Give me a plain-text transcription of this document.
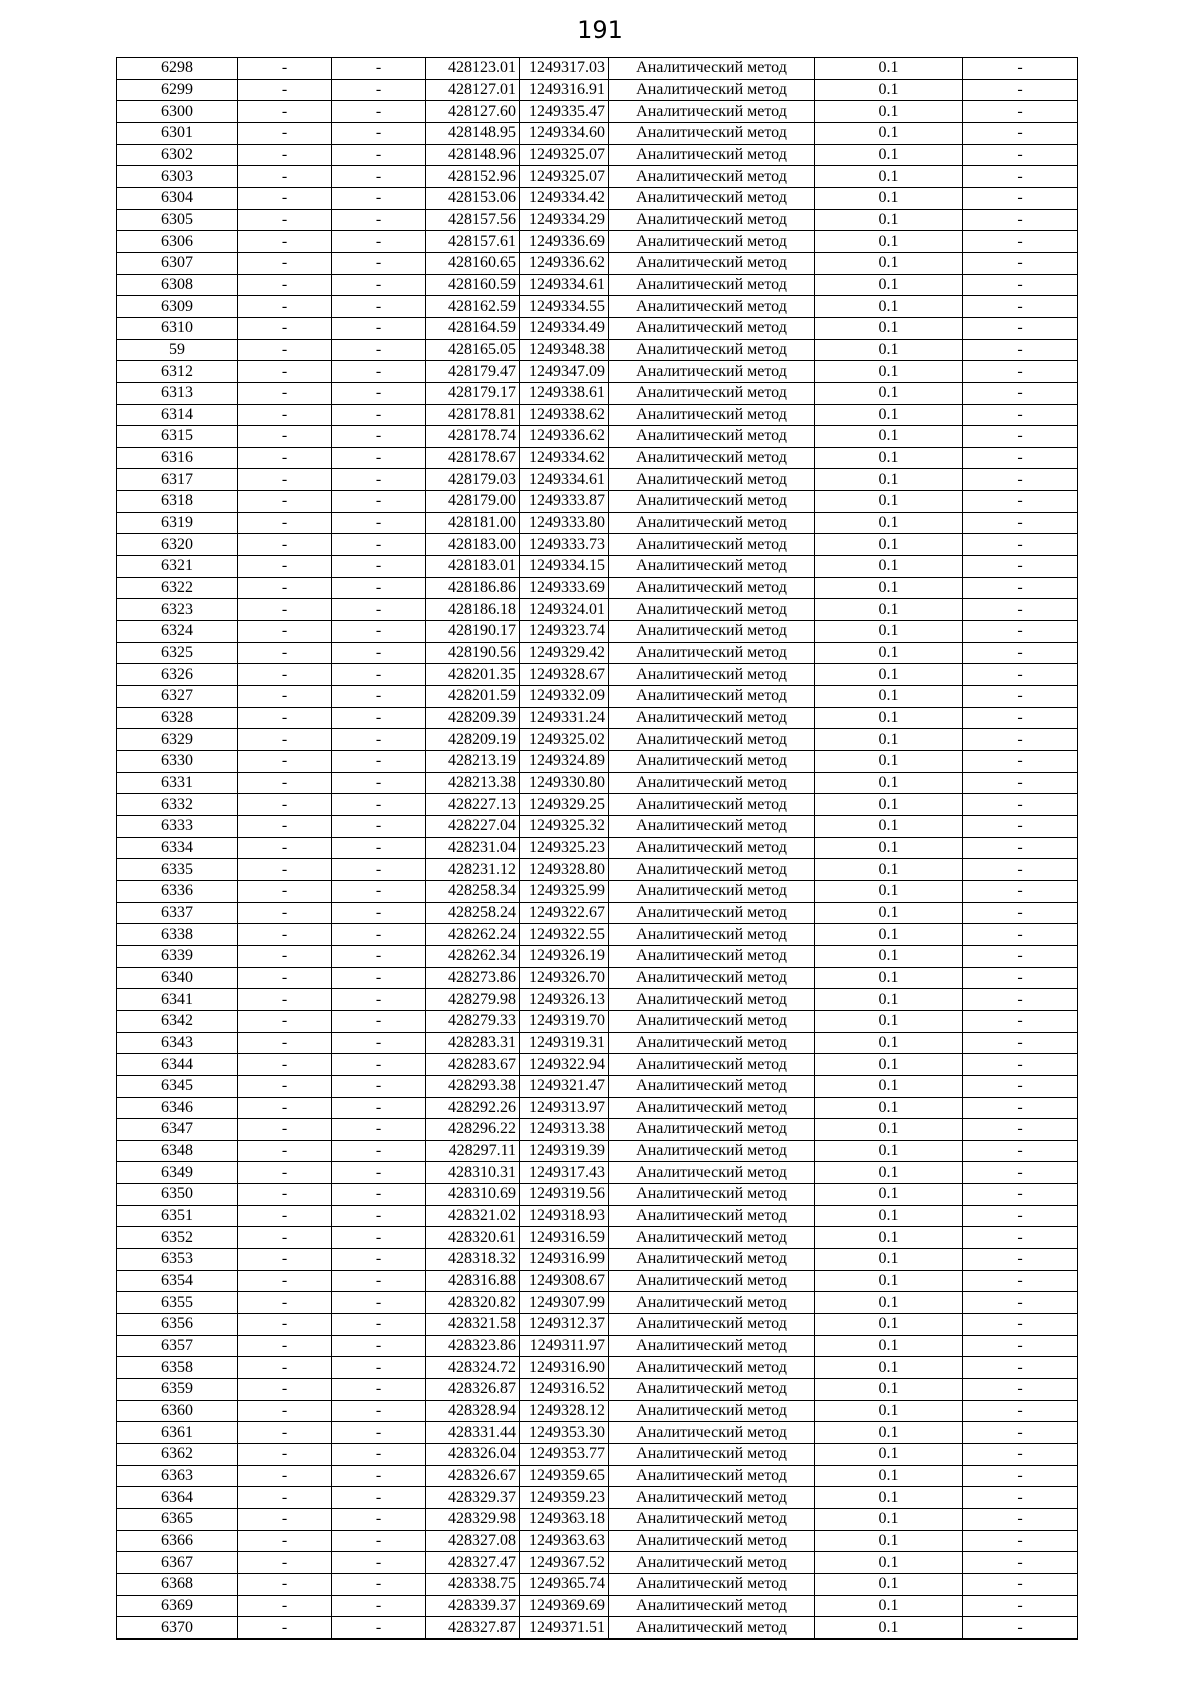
191
6298	-	-	428123.01	1249317.03	Аналитический метод	0.1	-
6299	-	-	428127.01	1249316.91	Аналитический метод	0.1	-
6300	-	-	428127.60	1249335.47	Аналитический метод	0.1	-
6301	-	-	428148.95	1249334.60	Аналитический метод	0.1	-
6302	-	-	428148.96	1249325.07	Аналитический метод	0.1	-
6303	-	-	428152.96	1249325.07	Аналитический метод	0.1	-
6304	-	-	428153.06	1249334.42	Аналитический метод	0.1	-
6305	-	-	428157.56	1249334.29	Аналитический метод	0.1	-
6306	-	-	428157.61	1249336.69	Аналитический метод	0.1	-
6307	-	-	428160.65	1249336.62	Аналитический метод	0.1	-
6308	-	-	428160.59	1249334.61	Аналитический метод	0.1	-
6309	-	-	428162.59	1249334.55	Аналитический метод	0.1	-
6310	-	-	428164.59	1249334.49	Аналитический метод	0.1	-
59	-	-	428165.05	1249348.38	Аналитический метод	0.1	-
6312	-	-	428179.47	1249347.09	Аналитический метод	0.1	-
6313	-	-	428179.17	1249338.61	Аналитический метод	0.1	-
6314	-	-	428178.81	1249338.62	Аналитический метод	0.1	-
6315	-	-	428178.74	1249336.62	Аналитический метод	0.1	-
6316	-	-	428178.67	1249334.62	Аналитический метод	0.1	-
6317	-	-	428179.03	1249334.61	Аналитический метод	0.1	-
6318	-	-	428179.00	1249333.87	Аналитический метод	0.1	-
6319	-	-	428181.00	1249333.80	Аналитический метод	0.1	-
6320	-	-	428183.00	1249333.73	Аналитический метод	0.1	-
6321	-	-	428183.01	1249334.15	Аналитический метод	0.1	-
6322	-	-	428186.86	1249333.69	Аналитический метод	0.1	-
6323	-	-	428186.18	1249324.01	Аналитический метод	0.1	-
6324	-	-	428190.17	1249323.74	Аналитический метод	0.1	-
6325	-	-	428190.56	1249329.42	Аналитический метод	0.1	-
6326	-	-	428201.35	1249328.67	Аналитический метод	0.1	-
6327	-	-	428201.59	1249332.09	Аналитический метод	0.1	-
6328	-	-	428209.39	1249331.24	Аналитический метод	0.1	-
6329	-	-	428209.19	1249325.02	Аналитический метод	0.1	-
6330	-	-	428213.19	1249324.89	Аналитический метод	0.1	-
6331	-	-	428213.38	1249330.80	Аналитический метод	0.1	-
6332	-	-	428227.13	1249329.25	Аналитический метод	0.1	-
6333	-	-	428227.04	1249325.32	Аналитический метод	0.1	-
6334	-	-	428231.04	1249325.23	Аналитический метод	0.1	-
6335	-	-	428231.12	1249328.80	Аналитический метод	0.1	-
6336	-	-	428258.34	1249325.99	Аналитический метод	0.1	-
6337	-	-	428258.24	1249322.67	Аналитический метод	0.1	-
6338	-	-	428262.24	1249322.55	Аналитический метод	0.1	-
6339	-	-	428262.34	1249326.19	Аналитический метод	0.1	-
6340	-	-	428273.86	1249326.70	Аналитический метод	0.1	-
6341	-	-	428279.98	1249326.13	Аналитический метод	0.1	-
6342	-	-	428279.33	1249319.70	Аналитический метод	0.1	-
6343	-	-	428283.31	1249319.31	Аналитический метод	0.1	-
6344	-	-	428283.67	1249322.94	Аналитический метод	0.1	-
6345	-	-	428293.38	1249321.47	Аналитический метод	0.1	-
6346	-	-	428292.26	1249313.97	Аналитический метод	0.1	-
6347	-	-	428296.22	1249313.38	Аналитический метод	0.1	-
6348	-	-	428297.11	1249319.39	Аналитический метод	0.1	-
6349	-	-	428310.31	1249317.43	Аналитический метод	0.1	-
6350	-	-	428310.69	1249319.56	Аналитический метод	0.1	-
6351	-	-	428321.02	1249318.93	Аналитический метод	0.1	-
6352	-	-	428320.61	1249316.59	Аналитический метод	0.1	-
6353	-	-	428318.32	1249316.99	Аналитический метод	0.1	-
6354	-	-	428316.88	1249308.67	Аналитический метод	0.1	-
6355	-	-	428320.82	1249307.99	Аналитический метод	0.1	-
6356	-	-	428321.58	1249312.37	Аналитический метод	0.1	-
6357	-	-	428323.86	1249311.97	Аналитический метод	0.1	-
6358	-	-	428324.72	1249316.90	Аналитический метод	0.1	-
6359	-	-	428326.87	1249316.52	Аналитический метод	0.1	-
6360	-	-	428328.94	1249328.12	Аналитический метод	0.1	-
6361	-	-	428331.44	1249353.30	Аналитический метод	0.1	-
6362	-	-	428326.04	1249353.77	Аналитический метод	0.1	-
6363	-	-	428326.67	1249359.65	Аналитический метод	0.1	-
6364	-	-	428329.37	1249359.23	Аналитический метод	0.1	-
6365	-	-	428329.98	1249363.18	Аналитический метод	0.1	-
6366	-	-	428327.08	1249363.63	Аналитический метод	0.1	-
6367	-	-	428327.47	1249367.52	Аналитический метод	0.1	-
6368	-	-	428338.75	1249365.74	Аналитический метод	0.1	-
6369	-	-	428339.37	1249369.69	Аналитический метод	0.1	-
6370	-	-	428327.87	1249371.51	Аналитический метод	0.1	-
